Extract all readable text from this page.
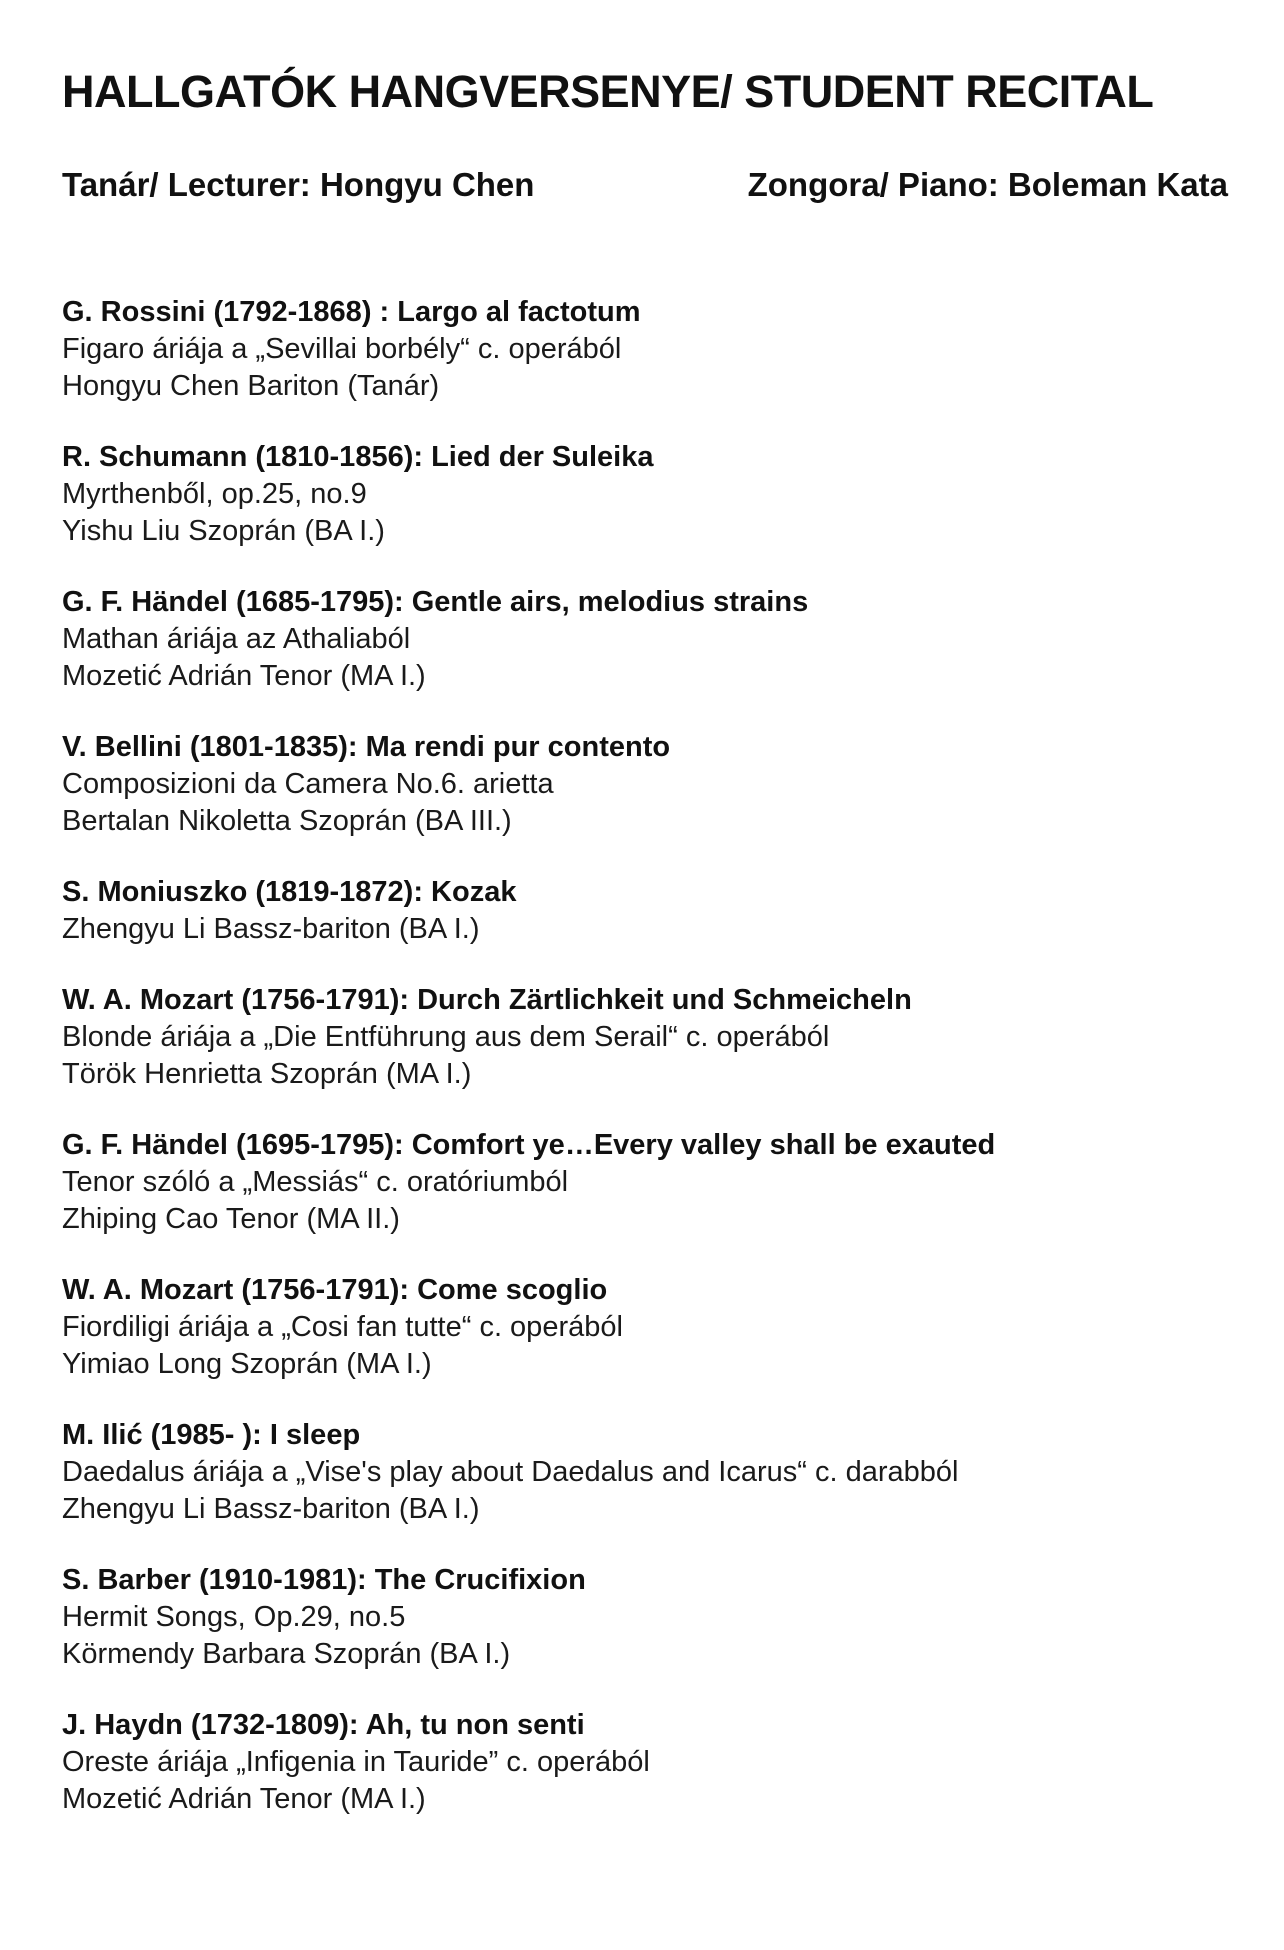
HALLGATÓK HANGVERSENYE/ STUDENT RECITAL
Tanár/ Lecturer: Hongyu Chen	Zongora/ Piano: Boleman Kata
G. Rossini (1792-1868) : Largo al factotum
Figaro áriája a „Sevillai borbély“ c. operából
Hongyu Chen Bariton (Tanár)
R. Schumann (1810-1856): Lied der Suleika
Myrthenből, op.25, no.9
Yishu Liu Szoprán (BA I.)
G. F. Händel (1685-1795): Gentle airs, melodius strains
Mathan áriája az Athaliaból
Mozetić Adrián Tenor (MA I.)
V. Bellini (1801-1835): Ma rendi pur contento
Composizioni da Camera No.6. arietta
Bertalan Nikoletta Szoprán (BA III.)
S. Moniuszko (1819-1872): Kozak
Zhengyu Li Bassz-bariton (BA I.)
W. A. Mozart (1756-1791): Durch Zärtlichkeit und Schmeicheln
Blonde áriája a „Die Entführung aus dem Serail“ c. operából
Török Henrietta Szoprán (MA I.)
G. F. Händel (1695-1795): Comfort ye…Every valley shall be exauted
Tenor szóló a „Messiás“ c. oratóriumból
Zhiping Cao Tenor (MA II.)
W. A. Mozart (1756-1791): Come scoglio
Fiordiligi áriája a „Cosi fan tutte“ c. operából
Yimiao Long Szoprán (MA I.)
M. Ilić (1985- ): I sleep
Daedalus áriája a „Vise's play about Daedalus and Icarus“ c. darabból
Zhengyu Li Bassz-bariton (BA I.)
S. Barber (1910-1981): The Crucifixion
Hermit Songs, Op.29, no.5
Körmendy Barbara Szoprán (BA I.)
J. Haydn (1732-1809): Ah, tu non senti
Oreste áriája „Infigenia in Tauride” c. operából
Mozetić Adrián Tenor (MA I.)
